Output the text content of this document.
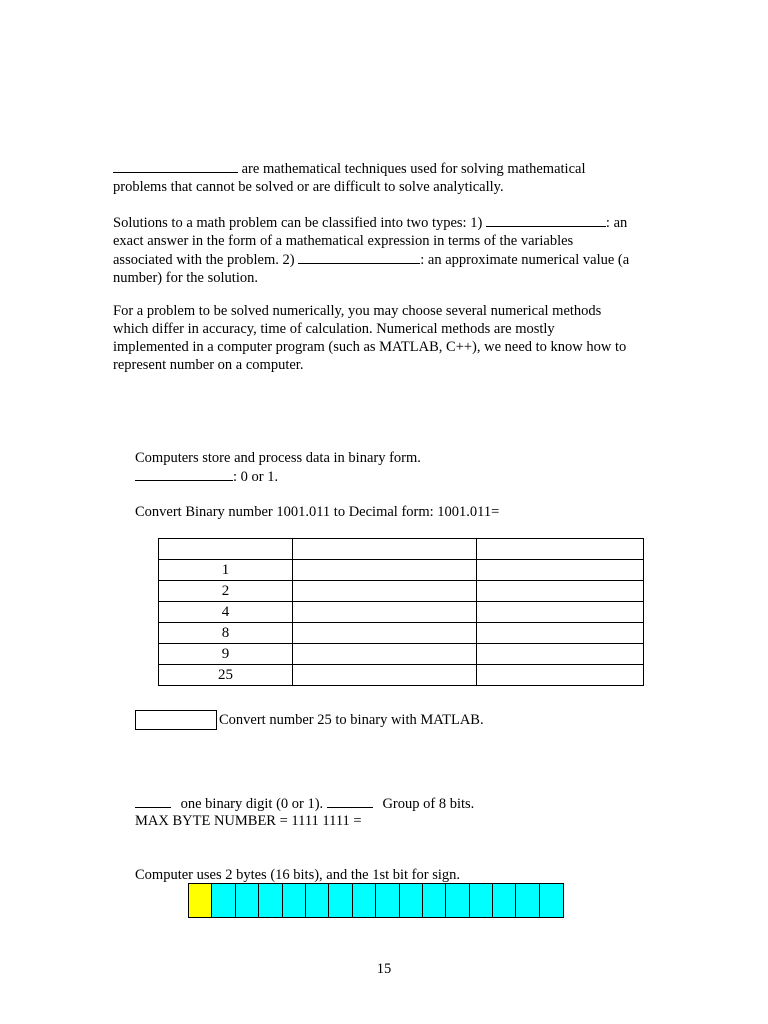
are mathematical techniques used for solving mathematical
problems that cannot be solved or are difficult to solve analytically.
Solutions to a math problem can be classified into two types: 1)	: an
exact answer in the form of a mathematical expression in terms of the variables
associated with the problem. 2)	: an approximate numerical value (a
number) for the solution.
For a problem to be solved numerically, you may choose several numerical methods
which differ in accuracy, time of calculation. Numerical methods are mostly
implemented in a computer program (such as MATLAB, C++), we need to know how to
represent number on a computer.
Computers store and process data in binary form.
: 0 or 1.
Convert Binary number 1001.011 to Decimal form: 1001.011=

1		
2		
4		
8		
9		
25		
Convert number 25 to binary with MATLAB.
one binary digit (0 or 1).	Group of 8 bits.
MAX BYTE NUMBER = 1111 1111 =
Computer uses 2 bytes (16 bits), and the 1st bit for sign.
15
